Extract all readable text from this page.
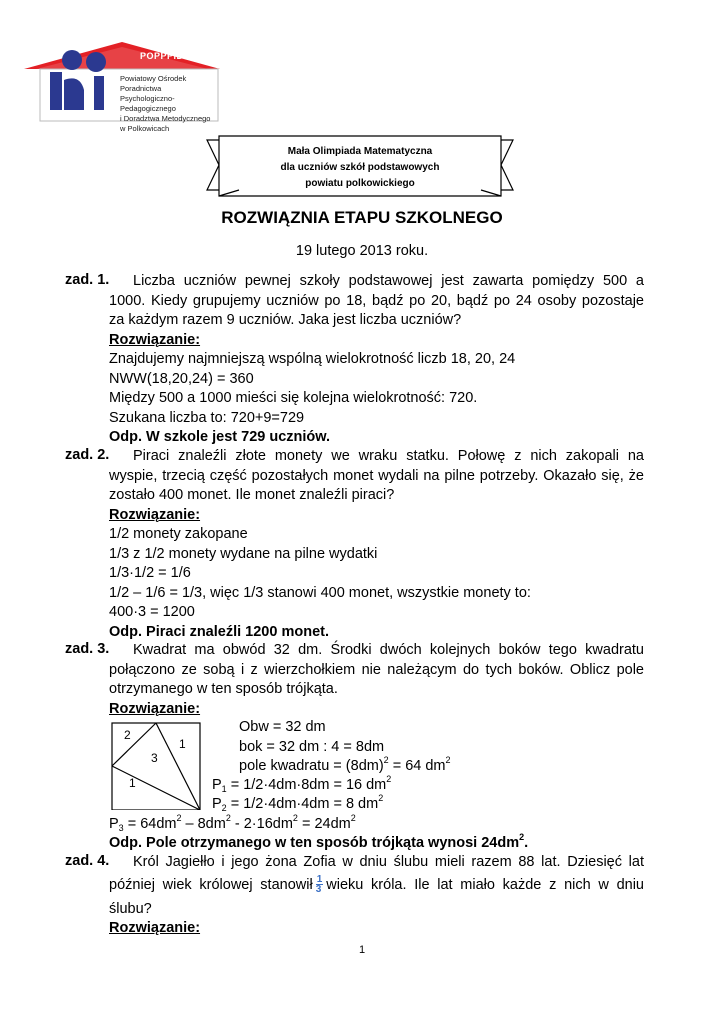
POPPPiDM
Powiatowy Ośrodek Poradnictwa
Psychologiczno-Pedagogicznego
i Doradztwa Metodycznego
w Polkowicach
Mała Olimpiada Matematyczna
dla uczniów szkół podstawowych
powiatu polkowickiego
ROZWIĄZNIA ETAPU SZKOLNEGO
19 lutego 2013 roku.
zad. 1.	Liczba uczniów pewnej szkoły podstawowej jest zawarta pomiędzy 500 a
1000. Kiedy grupujemy uczniów po 18, bądź po 20, bądź po 24 osoby pozostaje
za każdym razem 9 uczniów. Jaka jest liczba uczniów?
Rozwiązanie:
Znajdujemy najmniejszą wspólną wielokrotność liczb 18, 20, 24
NWW(18,20,24) = 360
Między 500 a 1000 mieści się kolejna wielokrotność: 720.
Szukana liczba to: 720+9=729
Odp. W szkole jest 729 uczniów.
zad. 2.	Piraci znaleźli złote monety we wraku statku. Połowę z nich zakopali na
wyspie, trzecią część pozostałych monet wydali na pilne potrzeby. Okazało się, że
zostało 400 monet. Ile monet znaleźli piraci?
Rozwiązanie:
1/2 monety zakopane
1/3 z 1/2 monety wydane na pilne wydatki
1/3·1/2 = 1/6
1/2 – 1/6 = 1/3, więc 1/3 stanowi 400 monet, wszystkie monety to:
400·3 = 1200
Odp. Piraci znaleźli 1200 monet.
zad. 3.	Kwadrat ma obwód 32 dm. Środki dwóch kolejnych boków tego kwadratu
połączono ze sobą i z wierzchołkiem nie należącym do tych boków. Oblicz pole
otrzymanego w ten sposób trójkąta.
Rozwiązanie:
2
1
3
1
Obw = 32 dm
bok = 32 dm : 4 = 8dm
pole kwadratu = $(8dm)^2 = 64$ $dm^2$
$P_1 = 1/2\cdot 4dm\cdot 8dm = 16$ $dm^2$
$P_2 = 1/2\cdot 4dm\cdot 4dm = 8$ $dm^2$
$P_3 = 64dm^2 - 8dm^2 - 2\cdot 16dm^2 = 24dm^2$
Odp. Pole otrzymanego w ten sposób trójkąta wynosi $24dm^2$.
zad. 4.	Król Jagiełło i jego żona Zofia w dniu ślubu mieli razem 88 lat. Dziesięć lat
później wiek królowej stanowił $\frac{1}{3}$ wieku króla. Ile lat miało każde z nich w dniu
ślubu?
Rozwiązanie:
1
